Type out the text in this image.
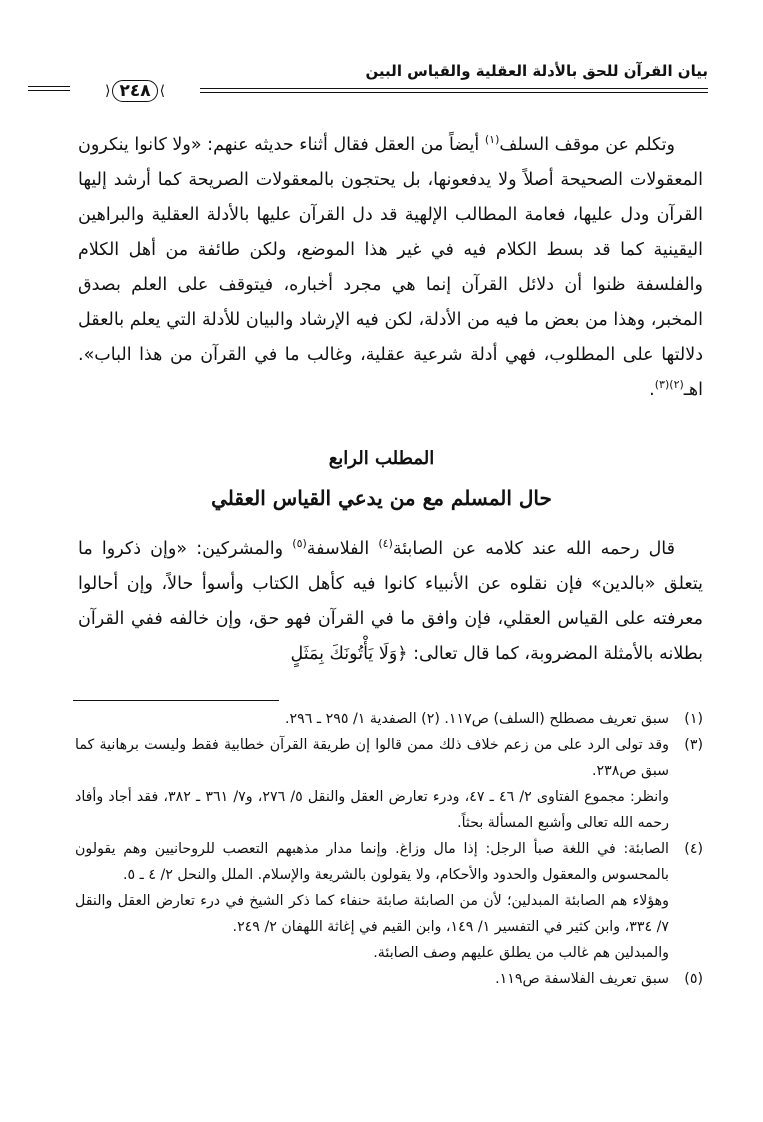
بيان القرآن للحق بالأدلة العقلية والقياس البين
⟩
٢٤٨
⟨

وتكلم عن موقف السلف$^{(١)}$ أيضاً من العقل فقال أثناء حديثه عنهم: «ولا كانوا ينكرون المعقولات الصحيحة أصلاً ولا يدفعونها، بل يحتجون بالمعقولات الصريحة كما أرشد إليها القرآن ودل عليها، فعامة المطالب الإلهية قد دل القرآن عليها بالأدلة العقلية والبراهين اليقينية كما قد بسط الكلام فيه في غير هذا الموضع، ولكن طائفة من أهل الكلام والفلسفة ظنوا أن دلائل القرآن إنما هي مجرد أخباره، فيتوقف على العلم بصدق المخبر، وهذا من بعض ما فيه من الأدلة، لكن فيه الإرشاد والبيان للأدلة التي يعلم بالعقل دلالتها على المطلوب، فهي أدلة شرعية عقلية، وغالب ما في القرآن من هذا الباب». اهـ$^{(٢)(٣)}$.

المطلب الرابع
حال المسلم مع من يدعي القياس العقلي

قال رحمه الله عند كلامه عن الصابئة$^{(٤)}$ الفلاسفة$^{(٥)}$ والمشركين: «وإن ذكروا ما يتعلق «بالدين» فإن نقلوه عن الأنبياء كانوا فيه كأهل الكتاب وأسوأ حالاً، وإن أحالوا معرفته على القياس العقلي، فإن وافق ما في القرآن فهو حق، وإن خالفه ففي القرآن بطلانه بالأمثلة المضروبة، كما قال تعالى: ﴿وَلَا يَأْتُونَكَ بِمَثَلٍ

(١)
سبق تعريف مصطلح (السلف) ص١١٧. (٢) الصفدية ١/ ٢٩٥ ـ ٢٩٦.
(٣)
وقد تولى الرد على من زعم خلاف ذلك ممن قالوا إن طريقة القرآن خطابية فقط وليست برهانية كما سبق ص٢٣٨.
وانظر: مجموع الفتاوى ٢/ ٤٦ ـ ٤٧، ودرء تعارض العقل والنقل ٥/ ٢٧٦، و٧/ ٣٦١ ـ ٣٨٢، فقد أجاد وأفاد رحمه الله تعالى وأشبع المسألة بحثاً.
(٤)
الصابئة: في اللغة صبأ الرجل: إذا مال وزاغ. وإنما مدار مذهبهم التعصب للروحانيين وهم يقولون بالمحسوس والمعقول والحدود والأحكام، ولا يقولون بالشريعة والإسلام. الملل والنحل ٢/ ٤ ـ ٥.
وهؤلاء هم الصابئة المبدلين؛ لأن من الصابئة صابئة حنفاء كما ذكر الشيخ في درء تعارض العقل والنقل ٧/ ٣٣٤، وابن كثير في التفسير ١/ ١٤٩، وابن القيم في إغاثة اللهفان ٢/ ٢٤٩.
والمبدلين هم غالب من يطلق عليهم وصف الصابئة.
(٥)
سبق تعريف الفلاسفة ص١١٩.
